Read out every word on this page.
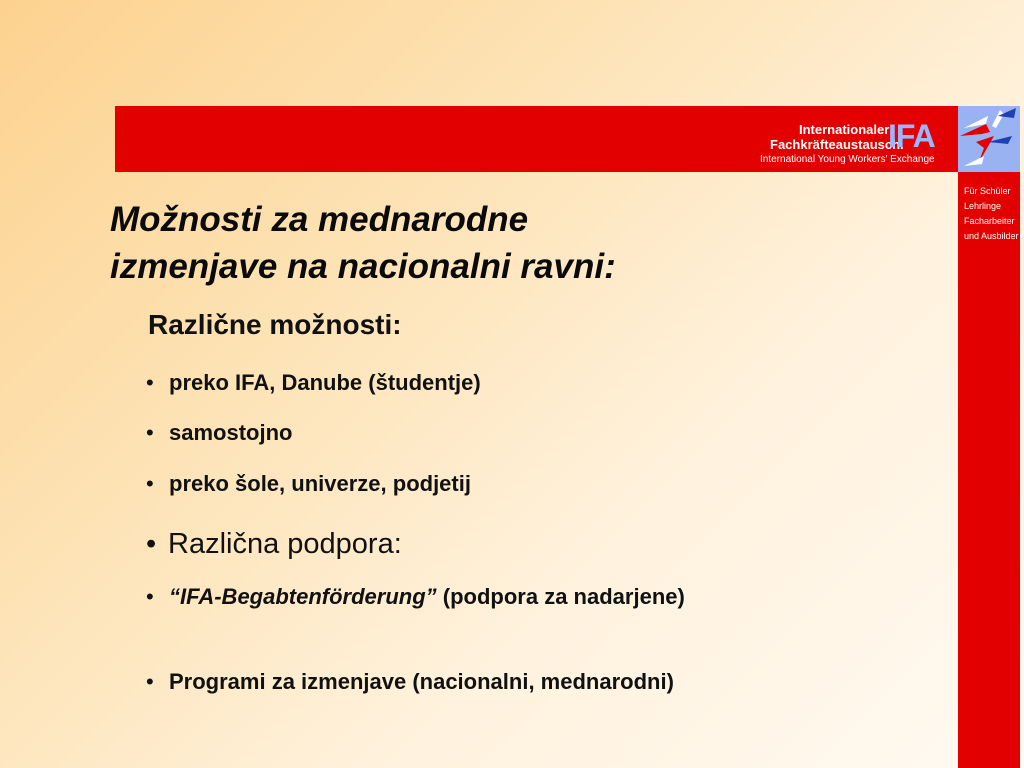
Internationaler
Fachkräfteaustausch.
International Young Workers' Exchange
IFA
Für Schüler
Lehrlinge
Facharbeiter
und Ausbilder
Možnosti za mednarodne
izmenjave na nacionalni ravni:
Različne možnosti:
• preko IFA, Danube (študentje)
• samostojno
• preko šole, univerze, podjetij
• Različna podpora:
• “IFA-Begabtenförderung” (podpora za nadarjene)
• Programi za izmenjave (nacionalni, mednarodni)
